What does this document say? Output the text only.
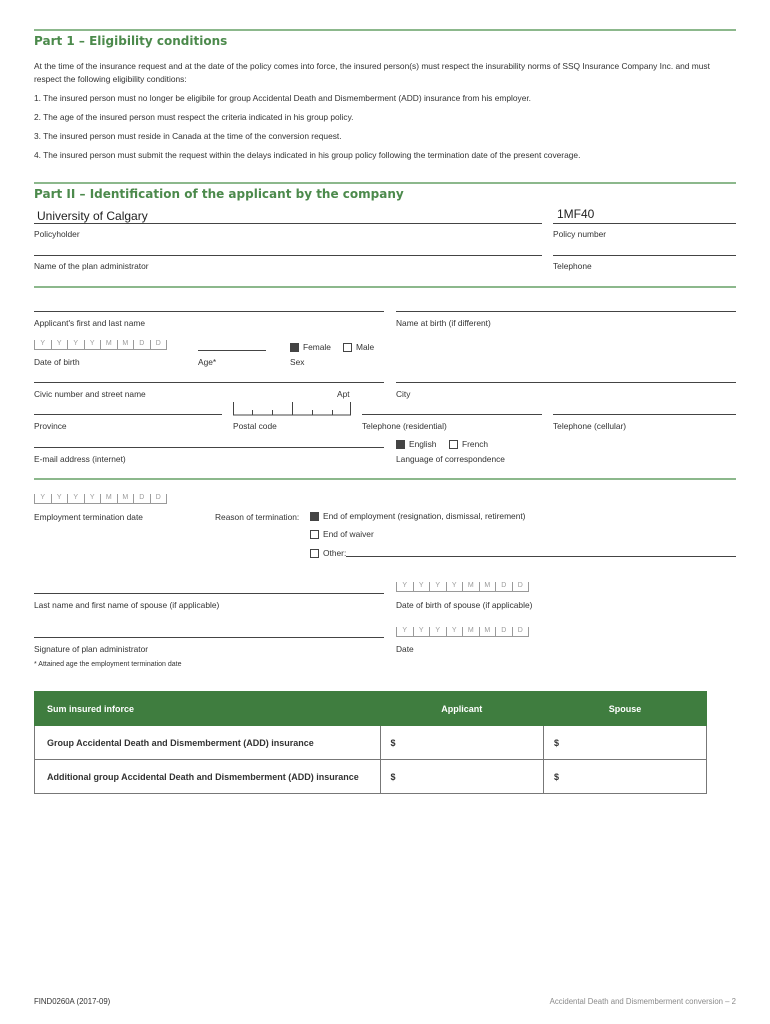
Part 1 – Eligibility conditions
At the time of the insurance request and at the date of the policy comes into force, the insured person(s) must respect the insurability norms of SSQ Insurance Company Inc. and must
respect the following eligibility conditions:
1. The insured person must no longer be eligibile for group Accidental Death and Dismemberment (ADD) insurance from his employer.
2. The age of the insured person must respect the criteria indicated in his group policy.
3. The insured person must reside in Canada at the time of the conversion request.
4. The insured person must submit the request within the delays indicated in his group policy following the termination date of the present coverage.
Part II – Identification of the applicant by the company
University of Calgary
Policyholder
1MF40
Policy number
Name of the plan administrator	Telephone
Applicant's first and last name	Name at birth (if different)
Y	Y	Y	Y	M	M	D	D
Date of birth	Age*
Female	Male
Sex
Civic number and street name	Apt	City
Province	Postal code	Telephone (residential)	Telephone (cellular)
E-mail address (internet)
English	French
Language of correspondence
Y	Y	Y	Y	M	M	D	D
Employment termination date	Reason of termination:	End of employment (resignation, dismissal, retirement)
End of waiver
Other:
Last name and first name of spouse (if applicable)
Y	Y	Y	Y	M	M	D	D
Date of birth of spouse (if applicable)
Signature of plan administrator
Y	Y	Y	Y	M	M	D	D
Date
* Attained age the employment termination date
Sum insured inforce	Applicant	Spouse
Group Accidental Death and Dismemberment (ADD) insurance	$	$
Additional group Accidental Death and Dismemberment (ADD) insurance	$	$
FIND0260A (2017-09)	Accidental Death and Dismemberment conversion – 2
